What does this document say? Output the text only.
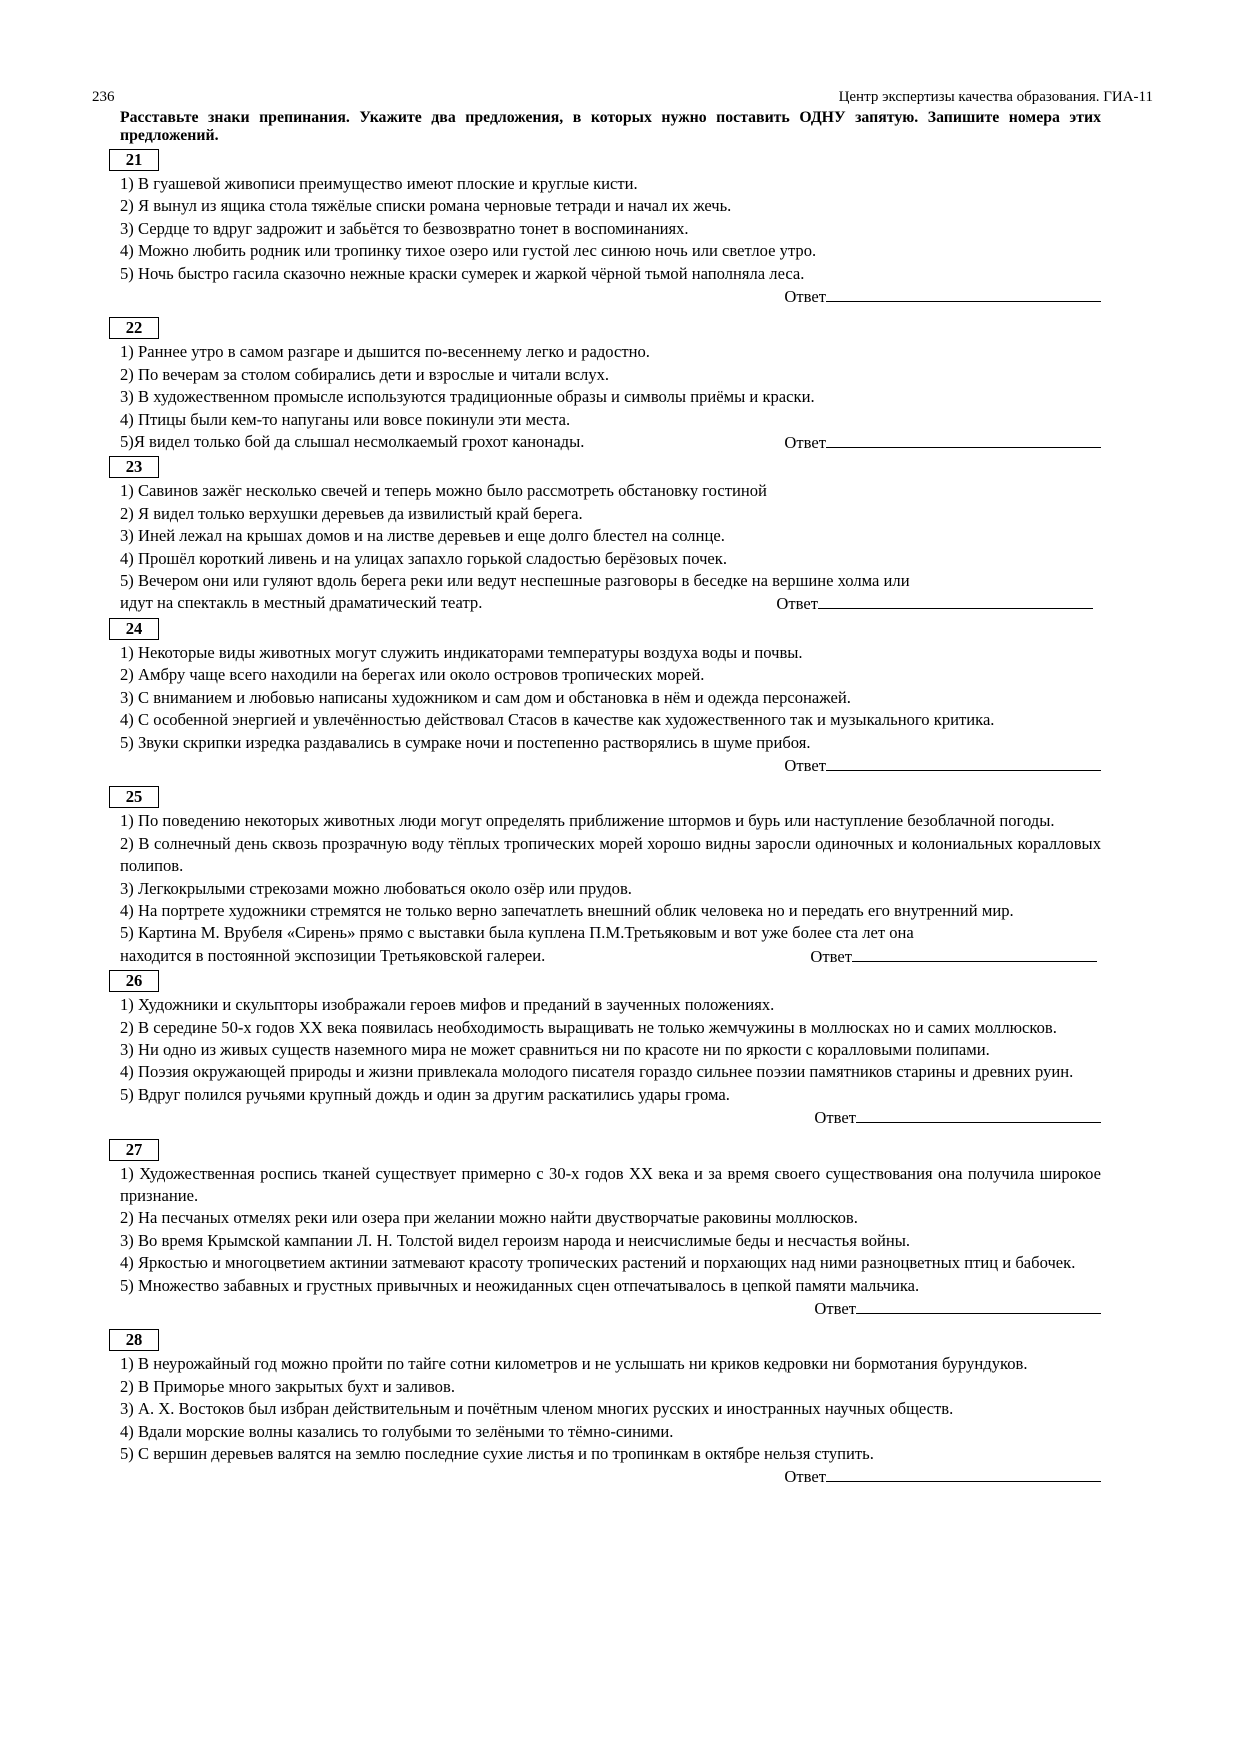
236	Центр экспертизы качества образования. ГИА-11

Расставьте знаки препинания. Укажите два предложения, в которых нужно поставить ОДНУ запятую. Запишите номера этих предложений.

21

1) В гуашевой живописи преимущество имеют плоские и круглые кисти.

2) Я вынул из ящика стола тяжёлые списки романа черновые тетради и начал их жечь.

3) Сердце то вдруг задрожит и забьётся то безвозвратно тонет в воспоминаниях.

4) Можно любить родник или тропинку тихое озеро или густой лес синюю ночь или светлое утро.

5) Ночь быстро гасила сказочно нежные краски сумерек и жаркой чёрной тьмой наполняла леса.

Ответ
22

1) Раннее утро в самом разгаре и дышится по-весеннему легко и радостно.

2) По вечерам за столом собирались дети и взрослые и читали вслух.

3) В художественном промысле используются традиционные образы и символы приёмы и краски.

4) Птицы были кем-то напуганы или вовсе покинули эти места.

5)Я видел только бой да слышал несмолкаемый грохот канонады.	Ответ
23

1) Савинов зажёг несколько свечей и теперь можно было рассмотреть обстановку гостиной

2) Я видел только верхушки деревьев да извилистый край берега.

3) Иней лежал на крышах домов и на листве деревьев и еще долго блестел на солнце.

4) Прошёл короткий ливень и на улицах запахло горькой сладостью берёзовых почек.

5) Вечером они или гуляют вдоль берега реки или ведут неспешные разговоры в беседке на вершине холма или

идут на спектакль в местный драматический театр.	Ответ
24

1) Некоторые виды животных могут служить индикаторами температуры воздуха воды и почвы.

2) Амбру чаще всего находили на берегах или около островов тропических морей.

3) С вниманием и любовью написаны художником и сам дом и обстановка в нём и одежда персонажей.

4) С особенной энергией и увлечённостью действовал Стасов в качестве как художественного так и музыкального критика.

5) Звуки скрипки изредка раздавались в сумраке ночи и постепенно растворялись в шуме прибоя.

Ответ
25

1) По поведению некоторых животных люди могут определять приближение штормов и бурь или наступление безоблачной погоды.

2) В солнечный день сквозь прозрачную воду тёплых тропических морей хорошо видны заросли одиночных и колониальных коралловых полипов.

3) Легкокрылыми стрекозами можно любоваться около озёр или прудов.

4) На портрете художники стремятся не только верно запечатлеть внешний облик человека но и передать его внутренний мир.

5) Картина М. Врубеля «Сирень» прямо с выставки была куплена П.М.Третьяковым и вот уже более ста лет она

находится в постоянной экспозиции Третьяковской галереи.	Ответ
26

1) Художники и скульпторы изображали героев мифов и преданий в заученных положениях.

2) В середине 50-х годов XX века появилась необходимость выращивать не только жемчужины в моллюсках но и самих моллюсков.

3) Ни одно из живых существ наземного мира не может сравниться ни по красоте ни по яркости с коралловыми полипами.

4) Поэзия окружающей природы и жизни привлекала молодого писателя гораздо сильнее поэзии памятников старины и древних руин.

5) Вдруг полился ручьями крупный дождь и один за другим раскатились удары грома.

Ответ
27

1) Художественная роспись тканей существует примерно с 30-х годов XX века и за время своего существования она получила широкое признание.

2) На песчаных отмелях реки или озера при желании можно найти двустворчатые раковины моллюсков.

3) Во время Крымской кампании Л. Н. Толстой видел героизм народа и неисчислимые беды и несчастья войны.

4) Яркостью и многоцветием актинии затмевают красоту тропических растений и порхающих над ними разноцветных птиц и бабочек.

5) Множество забавных и грустных привычных и неожиданных сцен отпечатывалось в цепкой памяти мальчика.

Ответ
28

1) В неурожайный год можно пройти по тайге сотни километров и не услышать ни криков кедровки ни бормотания бурундуков.

2) В Приморье много закрытых бухт и заливов.

3) А. Х. Востоков был избран действительным и почётным членом многих русских и иностранных научных обществ.

4) Вдали морские волны казались то голубыми то зелёными то тёмно-синими.

5) С вершин деревьев валятся на землю последние сухие листья и по тропинкам в октябре нельзя ступить.

Ответ
